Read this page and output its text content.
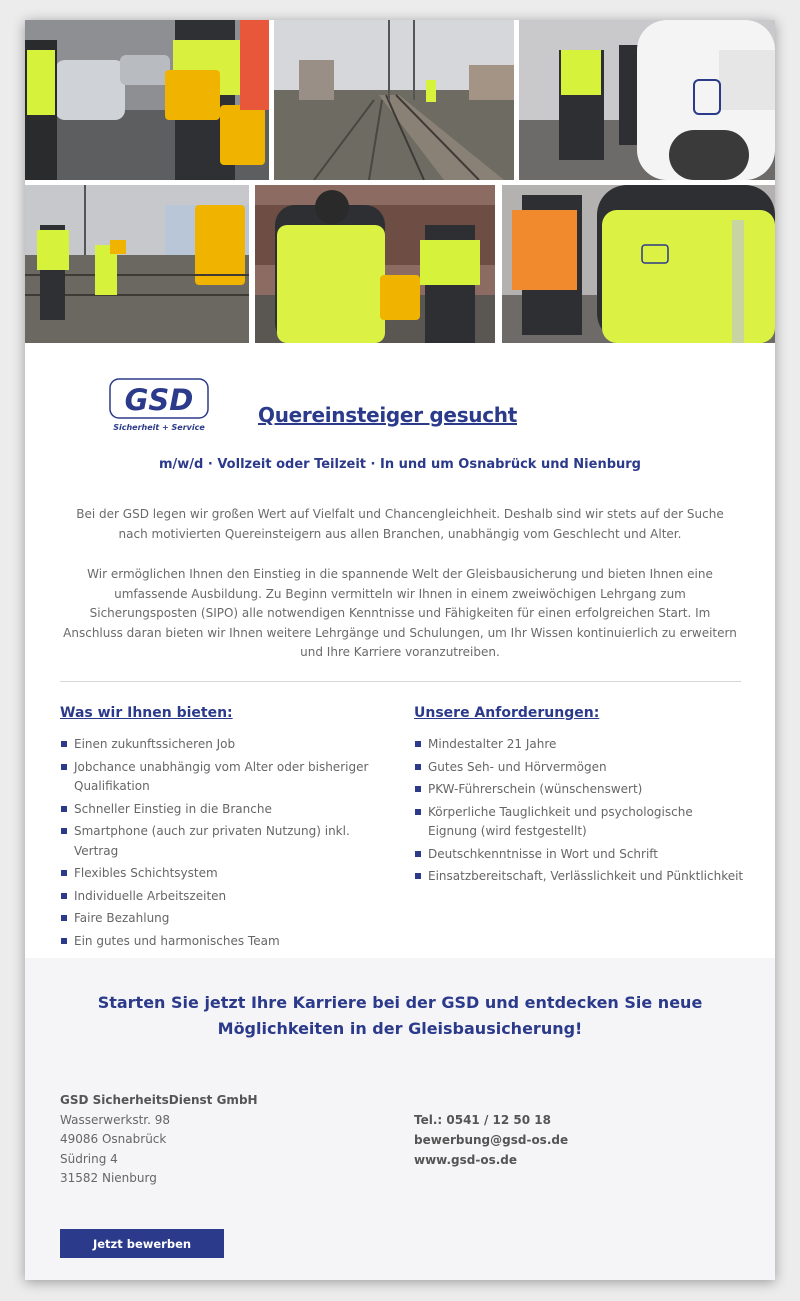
GSD
Sicherheit + Service
Quereinsteiger gesucht
m/w/d · Vollzeit oder Teilzeit · In und um Osnabrück und Nienburg
Bei der GSD legen wir großen Wert auf Vielfalt und Chancengleichheit. Deshalb sind wir stets auf der Suche nach motivierten Quereinsteigern aus allen Branchen, unabhängig vom Geschlecht und Alter.
Wir ermöglichen Ihnen den Einstieg in die spannende Welt der Gleisbausicherung und bieten Ihnen eine umfassende Ausbildung. Zu Beginn vermitteln wir Ihnen in einem zweiwöchigen Lehrgang zum Sicherungsposten (SIPO) alle notwendigen Kenntnisse und Fähigkeiten für einen erfolgreichen Start. Im Anschluss daran bieten wir Ihnen weitere Lehrgänge und Schulungen, um Ihr Wissen kontinuierlich zu erweitern und Ihre Karriere voranzutreiben.
Was wir Ihnen bieten:
Einen zukunftssicheren Job
Jobchance unabhängig vom Alter oder bisheriger Qualifikation
Schneller Einstieg in die Branche
Smartphone (auch zur privaten Nutzung) inkl. Vertrag
Flexibles Schichtsystem
Individuelle Arbeitszeiten
Faire Bezahlung
Ein gutes und harmonisches Team
Unsere Anforderungen:
Mindestalter 21 Jahre
Gutes Seh- und Hörvermögen
PKW-Führerschein (wünschenswert)
Körperliche Tauglichkeit und psychologische Eignung (wird festgestellt)
Deutschkenntnisse in Wort und Schrift
Einsatzbereitschaft, Verlässlichkeit und Pünktlichkeit
Starten Sie jetzt Ihre Karriere bei der GSD und entdecken Sie neue Möglichkeiten in der Gleisbausicherung!
GSD SicherheitsDienst GmbH
Wasserwerkstr. 98
49086 Osnabrück
Südring 4
31582 Nienburg
Tel.: 0541 / 12 50 18
bewerbung@gsd-os.de
www.gsd-os.de
Jetzt bewerben
